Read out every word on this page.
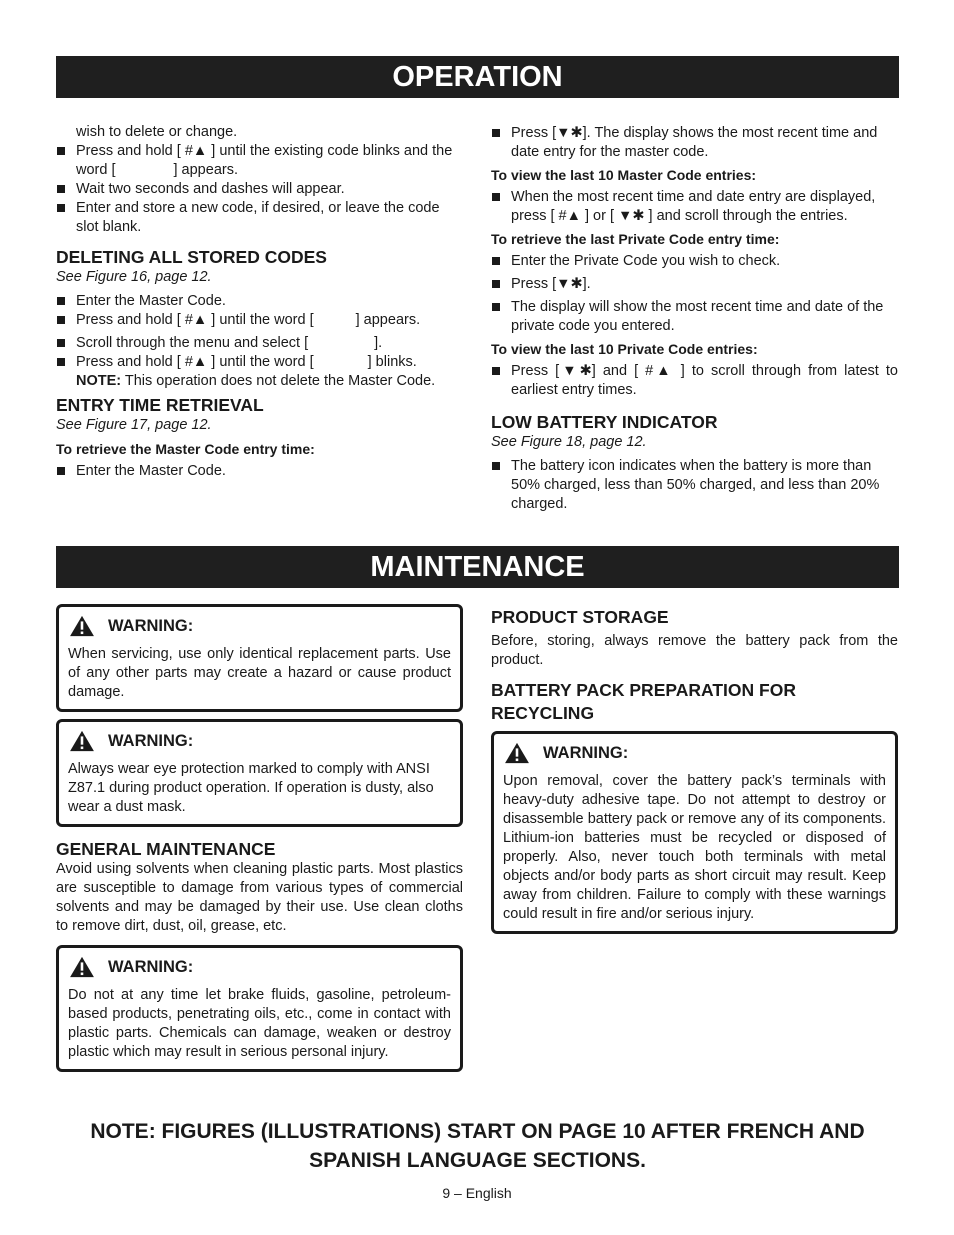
OPERATION

wish to delete or change.

Press and hold [ #▲ ] until the existing code blinks and the word [	] appears.
Wait two seconds and dashes will appear.
Enter and store a new code, if desired, or leave the code slot blank.
DELETING ALL STORED CODES
See Figure 16, page 12.
Enter the Master Code.
Press and hold [ #▲ ] until the word [	] appears.
Scroll through the menu and select [	].
Press and hold [ #▲ ] until the word [	] blinks.

NOTE: This operation does not delete the Master Code.

ENTRY TIME RETRIEVAL
See Figure 17, page 12.
To retrieve the Master Code entry time:
Enter the Master Code.
Press [▼✱]. The display shows the most recent time and date entry for the master code.
To view the last 10 Master Code entries:
When the most recent time and date entry are displayed, press [ #▲ ] or [ ▼✱ ] and scroll through the entries.
To retrieve the last Private Code entry time:
Enter the Private Code you wish to check.
Press [▼✱].
The display will show the most recent time and date of the private code you entered.
To view the last 10 Private Code entries:
Press [▼✱] and [ #▲ ] to scroll through from latest to earliest entry times.
LOW BATTERY INDICATOR
See Figure 18, page 12.
The battery icon indicates when the battery is more than 50% charged, less than 50% charged, and less than 20% charged.
MAINTENANCE
WARNING:

When servicing, use only identical replacement parts. Use of any other parts may create a hazard or cause product damage.

WARNING:

Always wear eye protection marked to comply with ANSI Z87.1 during product operation. If operation is dusty, also wear a dust mask.

GENERAL MAINTENANCE

Avoid using solvents when cleaning plastic parts. Most plastics are susceptible to damage from various types of commercial solvents and may be damaged by their use. Use clean cloths to remove dirt, dust, oil, grease, etc.

WARNING:

Do not at any time let brake fluids, gasoline, petroleum-based products, penetrating oils, etc., come in contact with plastic parts. Chemicals can damage, weaken or destroy plastic which may result in serious personal injury.

PRODUCT STORAGE

Before, storing, always remove the battery pack from the product.

BATTERY PACK PREPARATION FOR RECYCLING
WARNING:

Upon removal, cover the battery pack’s terminals with heavy-duty adhesive tape. Do not attempt to destroy or disassemble battery pack or remove any of its components. Lithium-ion batteries must be recycled or disposed of properly. Also, never touch both terminals with metal objects and/or body parts as short circuit may result. Keep away from children. Failure to comply with these warnings could result in fire and/or serious injury.

NOTE: FIGURES (ILLUSTRATIONS) START ON PAGE 10 AFTER FRENCH AND SPANISH LANGUAGE SECTIONS.
9 – English
